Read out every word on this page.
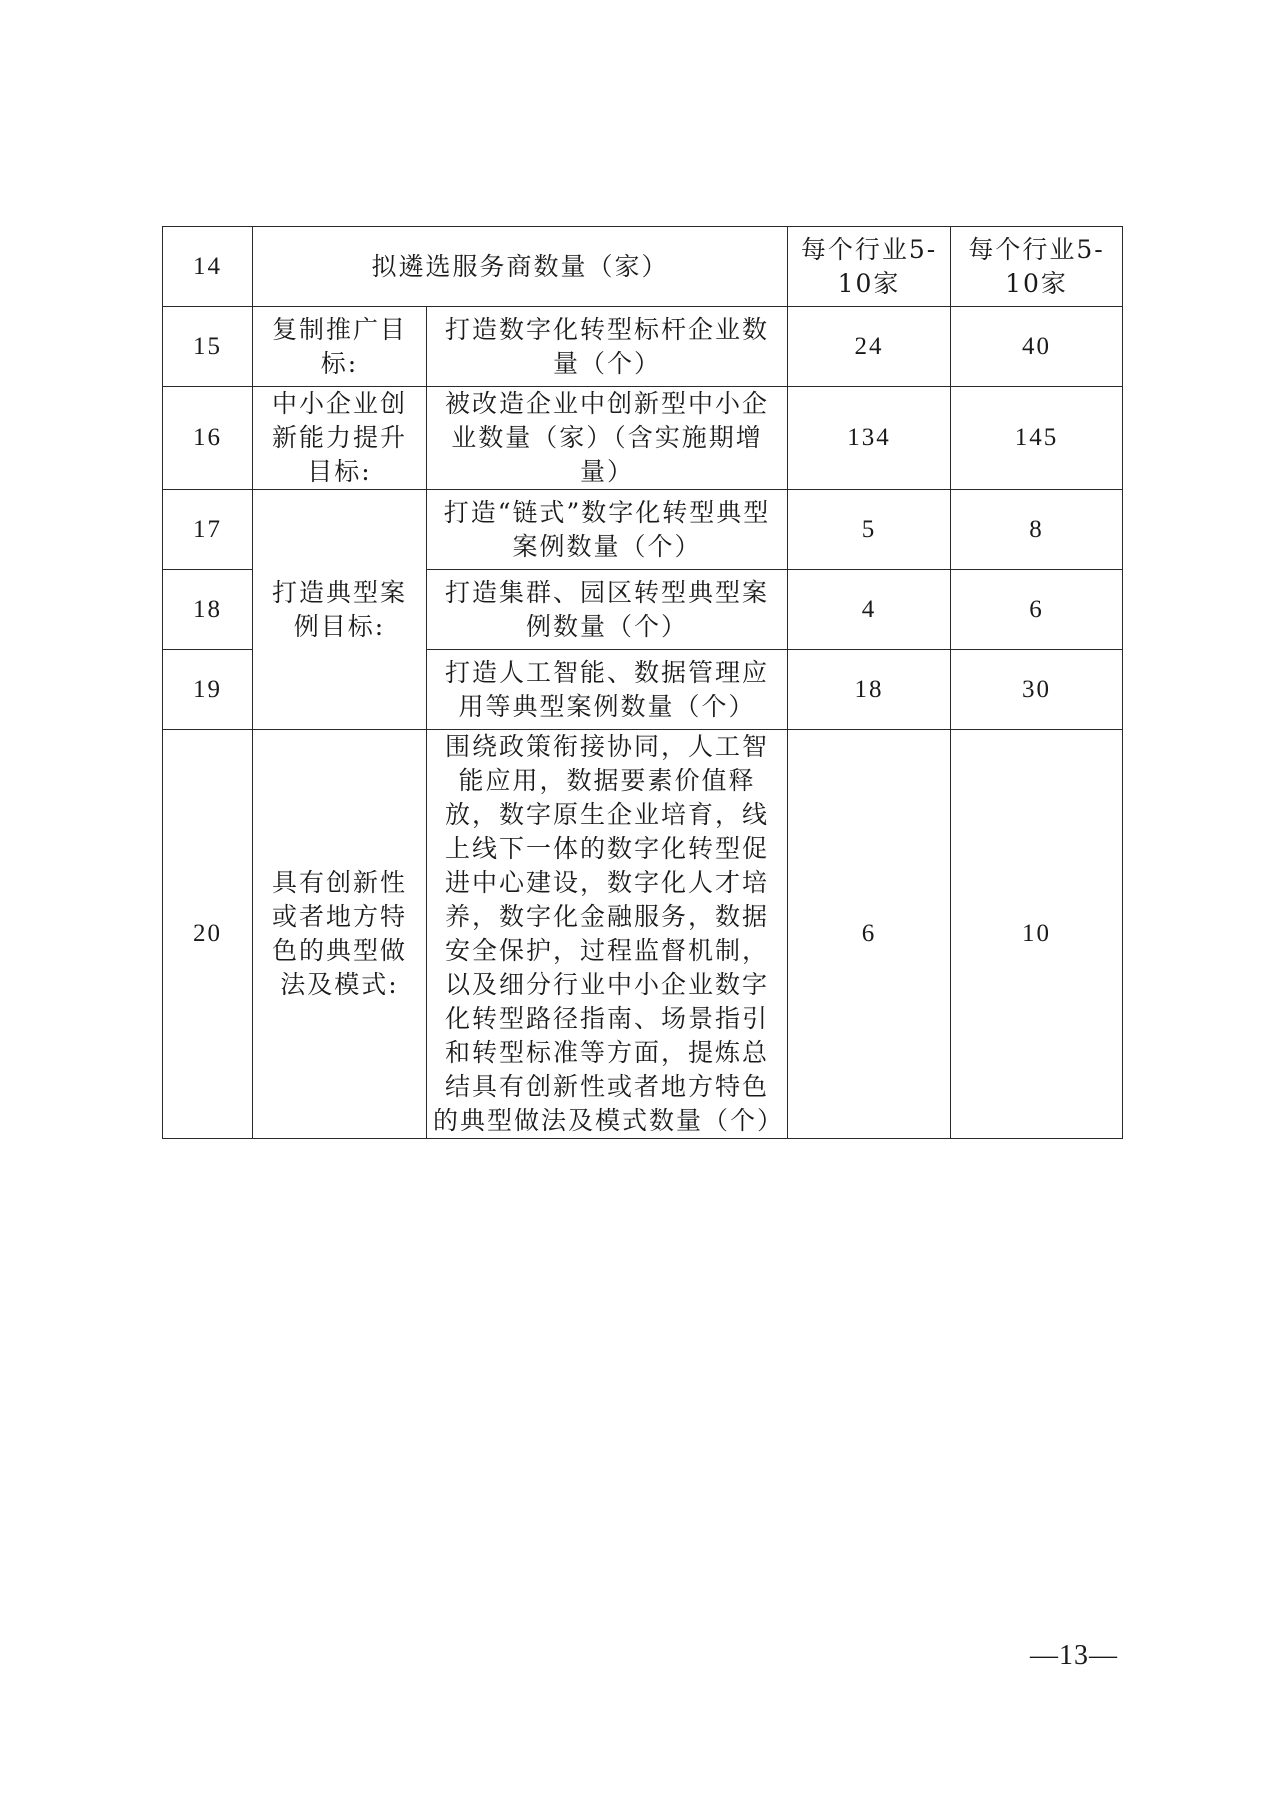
14	拟遴选服务商数量（家）		每个行业5-10家	每个行业5-10家
15	复制推广目标:	打造数字化转型标杆企业数量（个）	24	40
16	中小企业创新能力提升目标:	被改造企业中创新型中小企业数量（家）（含实施期增量）	134	145
17	打造典型案例目标:	打造“链式”数字化转型典型案例数量（个）	5	8
18		打造集群、园区转型典型案例数量（个）	4	6
19		打造人工智能、数据管理应用等典型案例数量（个）	18	30
20	具有创新性或者地方特色的典型做法及模式:	围绕政策衔接协同，人工智能应用，数据要素价值释放，数字原生企业培育，线上线下一体的数字化转型促进中心建设，数字化人才培养，数字化金融服务，数据安全保护，过程监督机制，以及细分行业中小企业数字化转型路径指南、场景指引和转型标准等方面，提炼总结具有创新性或者地方特色的典型做法及模式数量（个）	6	10
—13—
